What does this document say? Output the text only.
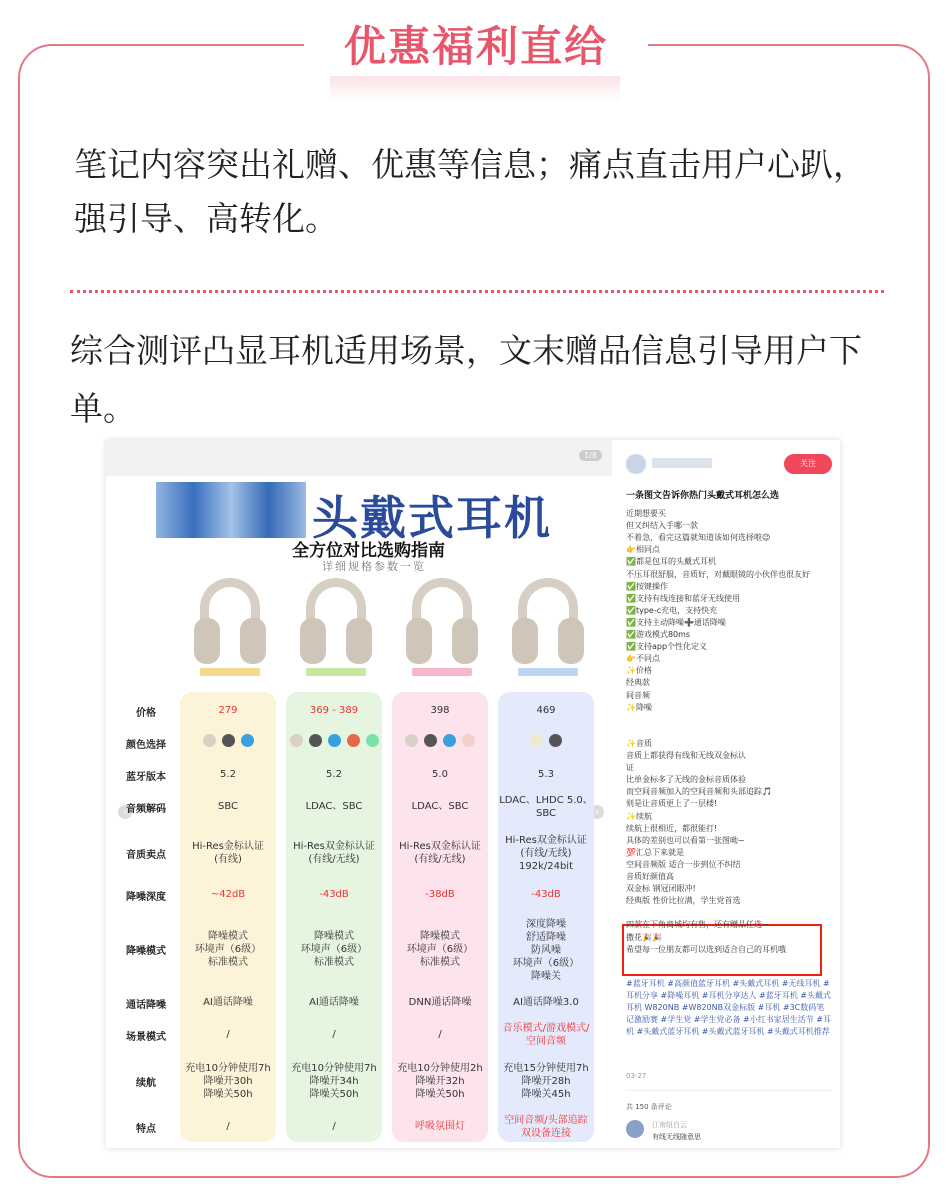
优惠福利直给
笔记内容突出礼赠、优惠等信息；痛点直击用户心趴，强引导、高转化。
综合测评凸显耳机适用场景，文末赠品信息引导用户下单。
1/8
头戴式耳机
全方位对比选购指南
详细规格参数一览
‹	›
价格
颜色选择
蓝牙版本
音频解码
音质卖点
降噪深度
降噪模式
通话降噪
场景模式
续航
特点
279
5.2
SBC
Hi-Res金标认证
(有线)
~42dB
降噪模式
环境声（6级）
标准模式
AI通话降噪
/
充电10分钟使用7h
降噪开30h
降噪关50h
/
369 - 389
5.2
LDAC、SBC
Hi-Res双金标认证
(有线/无线)
-43dB
降噪模式
环境声（6级）
标准模式
AI通话降噪
/
充电10分钟使用7h
降噪开34h
降噪关50h
/
398
5.0
LDAC、SBC
Hi-Res双金标认证
(有线/无线)
-38dB
降噪模式
环境声（6级）
标准模式
DNN通话降噪
/
充电10分钟使用2h
降噪开32h
降噪关50h
呼吸氛围灯
469
5.3
LDAC、LHDC 5.0、
SBC
Hi-Res双金标认证
(有线/无线)
192k/24bit
-43dB
深度降噪
舒适降噪
防风噪
环境声（6级）
降噪关
AI通话降噪3.0
音乐模式/游戏模式/
空间音频
充电15分钟使用7h
降噪开28h
降噪关45h
空间音频/头部追踪
双设备连接
关注
一条图文告诉你热门头戴式耳机怎么选
#蓝牙耳机 #高颜值蓝牙耳机 #头戴式耳机 #无线耳机 #耳机分享 #降噪耳机 #耳机分享达人 #蓝牙耳机 #头戴式耳机 W820NB #W820NB双金标版 #耳机 #3C数码笔记激励赛 #学生党 #学生党必备 #小红书家居生活节 #耳机 #头戴式蓝牙耳机 #头戴式蓝牙耳机 #头戴式耳机推荐
03-27
共 150 条评论
江南纽白云
有线无线随意思
近期想要买
但又纠结入手哪一款
不着急，看完这篇就知道该如何选择啦😉
👉相同点
✅都是包耳的头戴式耳机
不压耳很舒服，音质好，对戴眼镜的小伙伴也很友好
✅按键操作
✅支持有线连接和蓝牙无线使用
✅type-c充电，支持快充
✅支持主动降噪➕通话降噪
✅游戏模式80ms
✅支持app个性化定义
👉不同点
✨价格
经典款
间音频
✨降噪
✨音质
音质上都获得有线和无线双金标认
证
比单金标多了无线的金标音质体验
而空间音频加入的空间音频和头部追踪🎵
则是让音质更上了一层楼!
✨续航
续航上很相近，都很能打!
具体的差别也可以看第一张图呦~
💯汇总下来就是
空间音频版 适合一步到位不纠结
音质好颜值高
双金标 钢冠闭眼冲!
经典版 性价比拉满，学生党首选
四款在下角商城均有售，还有赠品任选~
撒花🎉🎉
希望每一位朋友都可以选到适合自己的耳机哦
